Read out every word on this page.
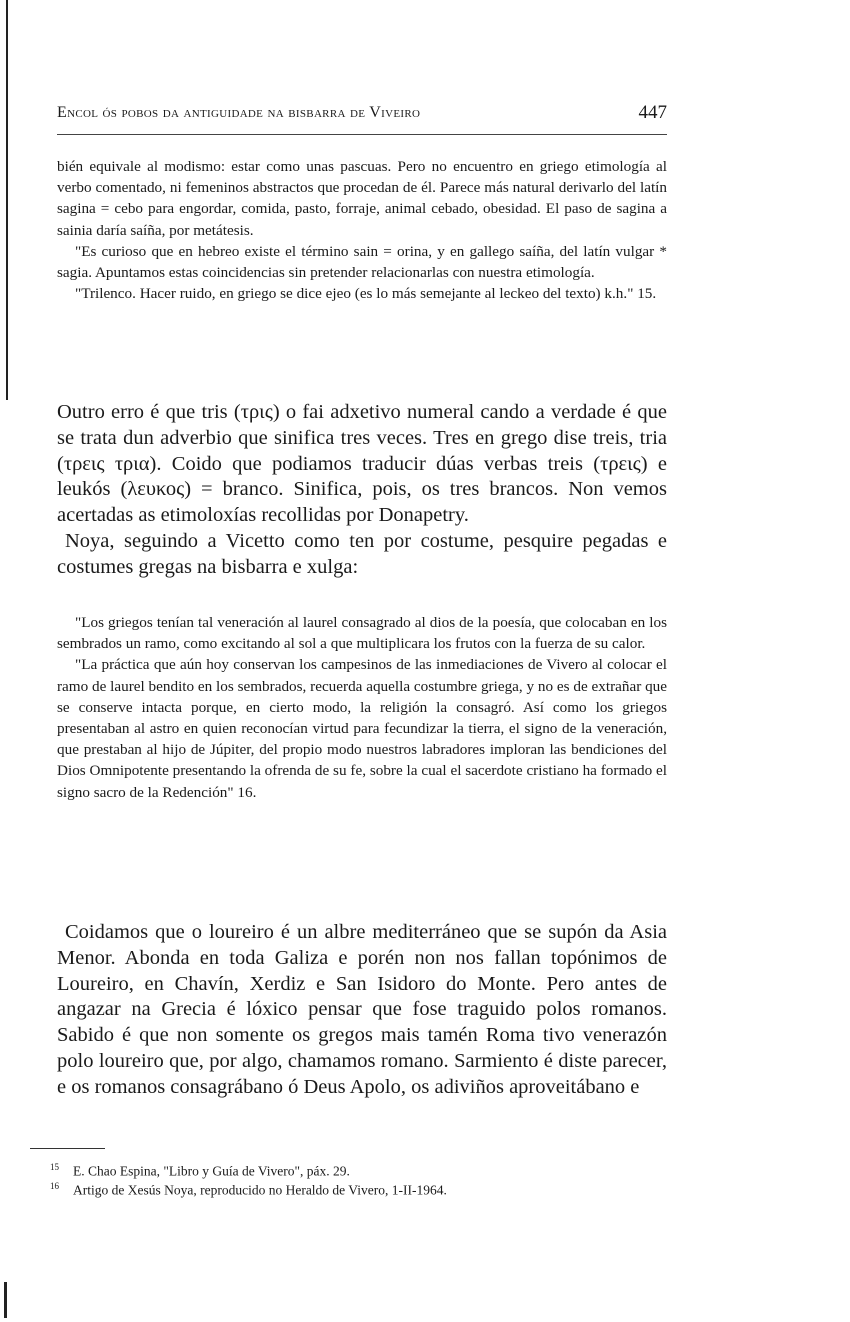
Encol ós pobos da antiguidade na bisbarra de Viveiro	447

bién equivale al modismo: estar como unas pascuas. Pero no encuentro en griego etimología al verbo comentado, ni femeninos abstractos que procedan de él. Parece más natural derivarlo del latín sagina = cebo para engordar, comida, pasto, forraje, animal cebado, obesidad. El paso de sagina a sainia daría saíña, por metátesis.

"Es curioso que en hebreo existe el término sain = orina, y en gallego saíña, del latín vulgar * sagia. Apuntamos estas coincidencias sin pretender relacionarlas con nuestra etimología.

"Trilenco. Hacer ruido, en griego se dice ejeo (es lo más semejante al leckeo del texto) k.h." 15.

Outro erro é que tris (τρις) o fai adxetivo numeral cando a verdade é que se trata dun adverbio que sinifica tres veces. Tres en grego dise treis, tria (τρεις τρια). Coido que podiamos traducir dúas verbas treis (τρεις) e leukós (λευκος) = branco. Sinifica, pois, os tres brancos. Non vemos acertadas as etimoloxías recollidas por Donapetry.

Noya, seguindo a Vicetto como ten por costume, pesquire pegadas e costumes gregas na bisbarra e xulga:

"Los griegos tenían tal veneración al laurel consagrado al dios de la poesía, que colocaban en los sembrados un ramo, como excitando al sol a que multiplicara los frutos con la fuerza de su calor.

"La práctica que aún hoy conservan los campesinos de las inmediaciones de Vivero al colocar el ramo de laurel bendito en los sembrados, recuerda aquella costumbre griega, y no es de extrañar que se conserve intacta porque, en cierto modo, la religión la consagró. Así como los griegos presentaban al astro en quien reconocían virtud para fecundizar la tierra, el signo de la veneración, que prestaban al hijo de Júpiter, del propio modo nuestros labradores imploran las bendiciones del Dios Omnipotente presentando la ofrenda de su fe, sobre la cual el sacerdote cristiano ha formado el signo sacro de la Redención" 16.

Coidamos que o loureiro é un albre mediterráneo que se supón da Asia Menor. Abonda en toda Galiza e porén non nos fallan topónimos de Loureiro, en Chavín, Xerdiz e San Isidoro do Monte. Pero antes de angazar na Grecia é lóxico pensar que fose traguido polos romanos. Sabido é que non somente os gregos mais tamén Roma tivo venerazón polo loureiro que, por algo, chamamos romano. Sarmiento é diste parecer, e os romanos consagrábano ó Deus Apolo, os adiviños aproveitábano e

$^{15}$ E. Chao Espina, "Libro y Guía de Vivero", páx. 29.
$^{16}$ Artigo de Xesús Noya, reproducido no Heraldo de Vivero, 1-II-1964.
